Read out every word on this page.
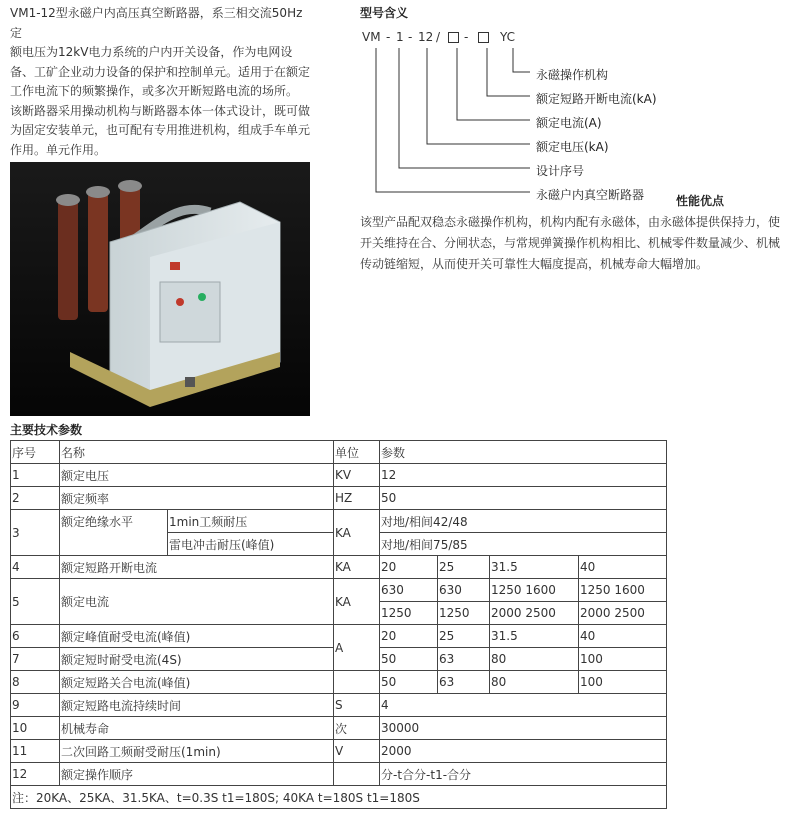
VM1-12型永磁户内高压真空断路器，系三相交流50Hz定
额电压为12kV电力系统的户内开关设备，作为电网设
备、工矿企业动力设备的保护和控制单元。适用于在额定
工作电流下的频繁操作，或多次开断短路电流的场所。
该断路器采用操动机构与断路器本体一体式设计，既可做
为固定安装单元，也可配有专用推进机构，组成手车单元
作用。单元作用。
型号含义
VM - 1 - 12 / -	YC
永磁操作机构
额定短路开断电流(kA)
额定电流(A)
额定电压(kA)
设计序号
永磁户内真空断路器	性能优点
该型产品配双稳态永磁操作机构，机构内配有永磁体，由永磁体提供保持力，使
开关维持在合、分闸状态，与常规弹簧操作机构相比、机械零件数量减少、机械
传动链缩短，从而使开关可靠性大幅度提高，机械寿命大幅增加。
主要技术参数
序号	名称		单位	参数			
1	额定电压		KV	12			
2	额定频率		HZ	50			
3	额定绝缘水平	1min工频耐压	KA	对地/相间42/48			
		雷电冲击耐压(峰值)		对地/相间75/85			
4	额定短路开断电流		KA	20	25	31.5	40
5	额定电流		KA	630	630	1250 1600	1250 1600
				1250	1250	2000 2500	2000 2500
6	额定峰值耐受电流(峰值)		A	20	25	31.5	40
7	额定短时耐受电流(4S)			50	63	80	100
8	额定短路关合电流(峰值)			50	63	80	100
9	额定短路电流持续时间		S	4			
10	机械寿命		次	30000			
11	二次回路工频耐受耐压(1min)		V	2000			
12	额定操作顺序			分-t合分-t1-合分			
注：20KA、25KA、31.5KA、t=0.3S t1=180S; 40KA t=180S t1=180S							
